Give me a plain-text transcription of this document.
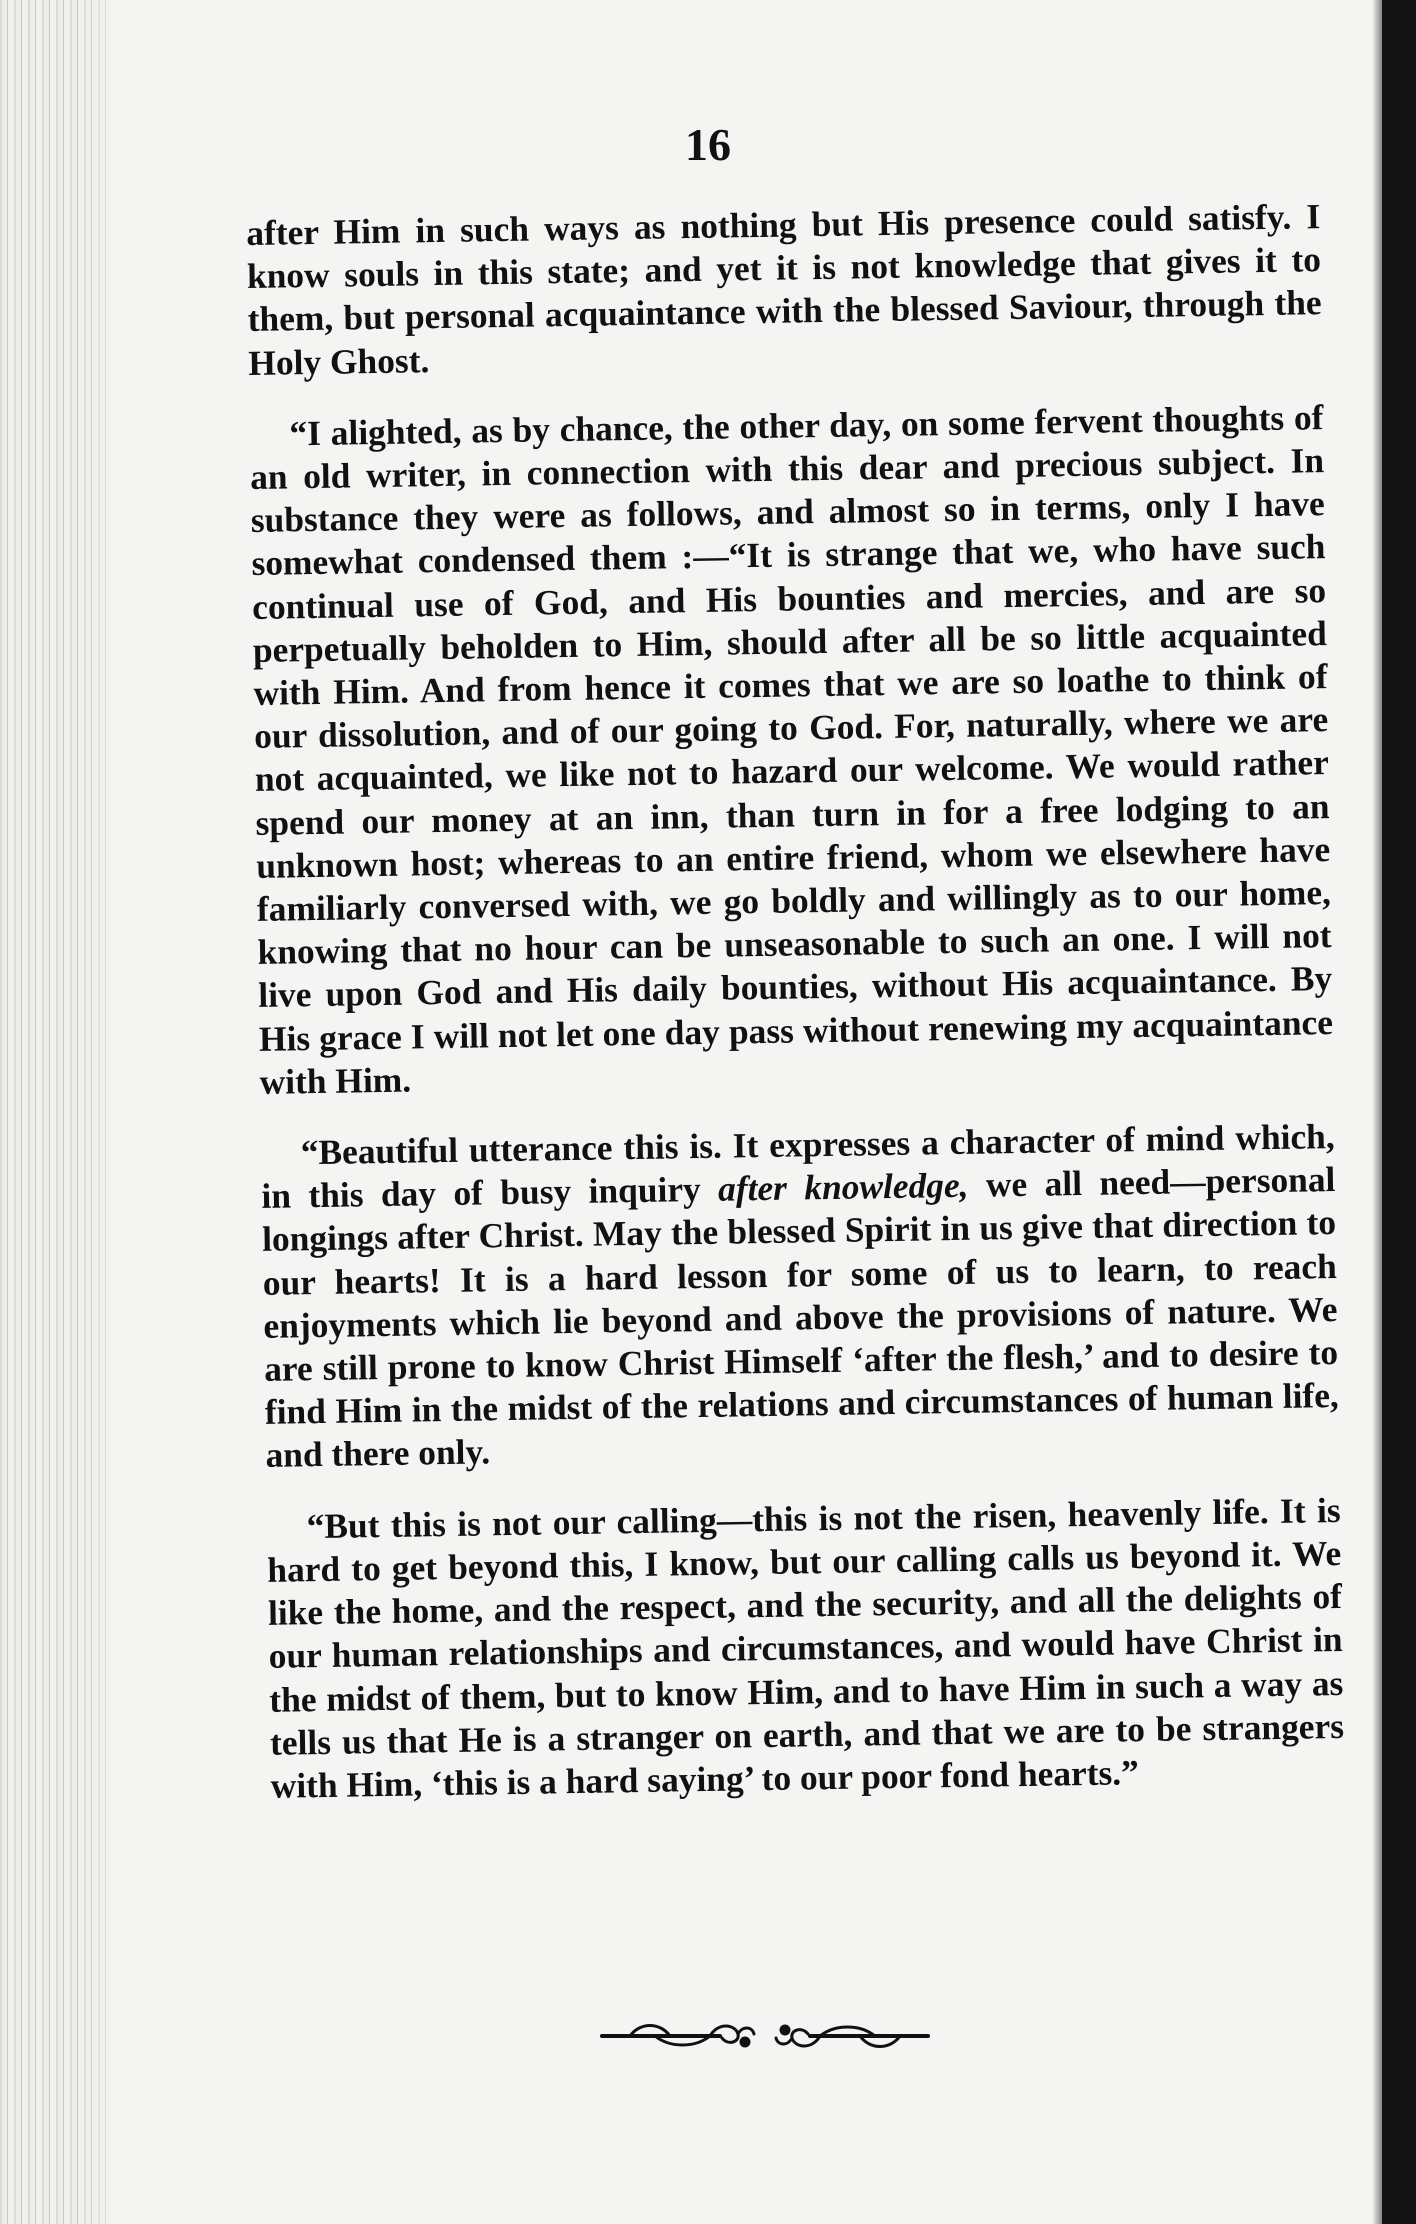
16

after Him in such ways as nothing but His presence could satisfy. I know souls in this state; and yet it is not knowledge that gives it to them, but personal acquaintance with the blessed Saviour, through the Holy Ghost.

“I alighted, as by chance, the other day, on some fervent thoughts of an old writer, in connection with this dear and precious subject. In substance they were as follows, and almost so in terms, only I have somewhat condensed them :—“It is strange that we, who have such continual use of God, and His bounties and mercies, and are so perpetually beholden to Him, should after all be so little acquainted with Him. And from hence it comes that we are so loathe to think of our dissolution, and of our going to God. For, naturally, where we are not acquainted, we like not to hazard our welcome. We would rather spend our money at an inn, than turn in for a free lodging to an unknown host; whereas to an entire friend, whom we elsewhere have familiarly conversed with, we go boldly and willingly as to our home, knowing that no hour can be unseasonable to such an one. I will not live upon God and His daily bounties, without His acquaintance. By His grace I will not let one day pass without renewing my acquaintance with Him.

“Beautiful utterance this is. It expresses a character of mind which, in this day of busy inquiry after knowledge, we all need—personal longings after Christ. May the blessed Spirit in us give that direction to our hearts! It is a hard lesson for some of us to learn, to reach enjoyments which lie beyond and above the provisions of nature. We are still prone to know Christ Himself ‘after the flesh,’ and to desire to find Him in the midst of the relations and circumstances of human life, and there only.

“But this is not our calling—this is not the risen, heavenly life. It is hard to get beyond this, I know, but our calling calls us beyond it. We like the home, and the respect, and the security, and all the delights of our human relationships and circumstances, and would have Christ in the midst of them, but to know Him, and to have Him in such a way as tells us that He is a stranger on earth, and that we are to be strangers with Him, ‘this is a hard saying’ to our poor fond hearts.”
